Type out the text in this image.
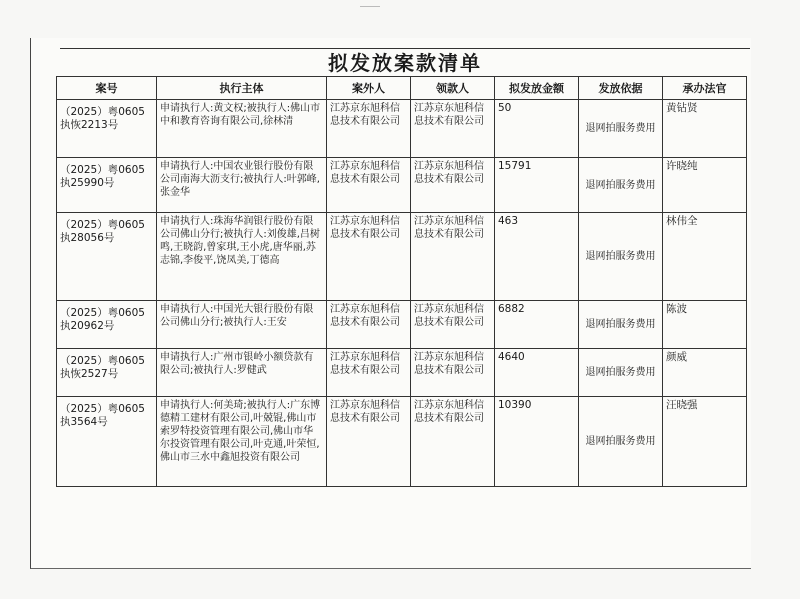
拟发放案款清单
案号	执行主体	案外人	领款人	拟发放金额	发放依据	承办法官
（2025）粤0605执恢2213号	申请执行人:黄文权;被执行人:佛山市中和教育咨询有限公司,徐林清	江苏京东旭科信息技术有限公司	江苏京东旭科信息技术有限公司	50	退网拍服务费用	黄钻贤
（2025）粤0605执25990号	申请执行人:中国农业银行股份有限公司南海大沥支行;被执行人:叶郭峰,张金华	江苏京东旭科信息技术有限公司	江苏京东旭科信息技术有限公司	15791	退网拍服务费用	许晓纯
（2025）粤0605执28056号	申请执行人:珠海华润银行股份有限公司佛山分行;被执行人:刘俊雄,吕树鸣,王晓韵,曾家琪,王小虎,唐华丽,苏志锦,李俊平,饶凤美,丁德高	江苏京东旭科信息技术有限公司	江苏京东旭科信息技术有限公司	463	退网拍服务费用	林伟全
（2025）粤0605执20962号	申请执行人:中国光大银行股份有限公司佛山分行;被执行人:王安	江苏京东旭科信息技术有限公司	江苏京东旭科信息技术有限公司	6882	退网拍服务费用	陈波
（2025）粤0605执恢2527号	申请执行人:广州市银岭小额贷款有限公司;被执行人:罗健武	江苏京东旭科信息技术有限公司	江苏京东旭科信息技术有限公司	4640	退网拍服务费用	颜威
（2025）粤0605执3564号	申请执行人:何美琦;被执行人:广东博德精工建材有限公司,叶兢锟,佛山市索罗特投资管理有限公司,佛山市华尔投资管理有限公司,叶克通,叶荣恒,佛山市三水中鑫旭投资有限公司	江苏京东旭科信息技术有限公司	江苏京东旭科信息技术有限公司	10390	退网拍服务费用	汪晓强
